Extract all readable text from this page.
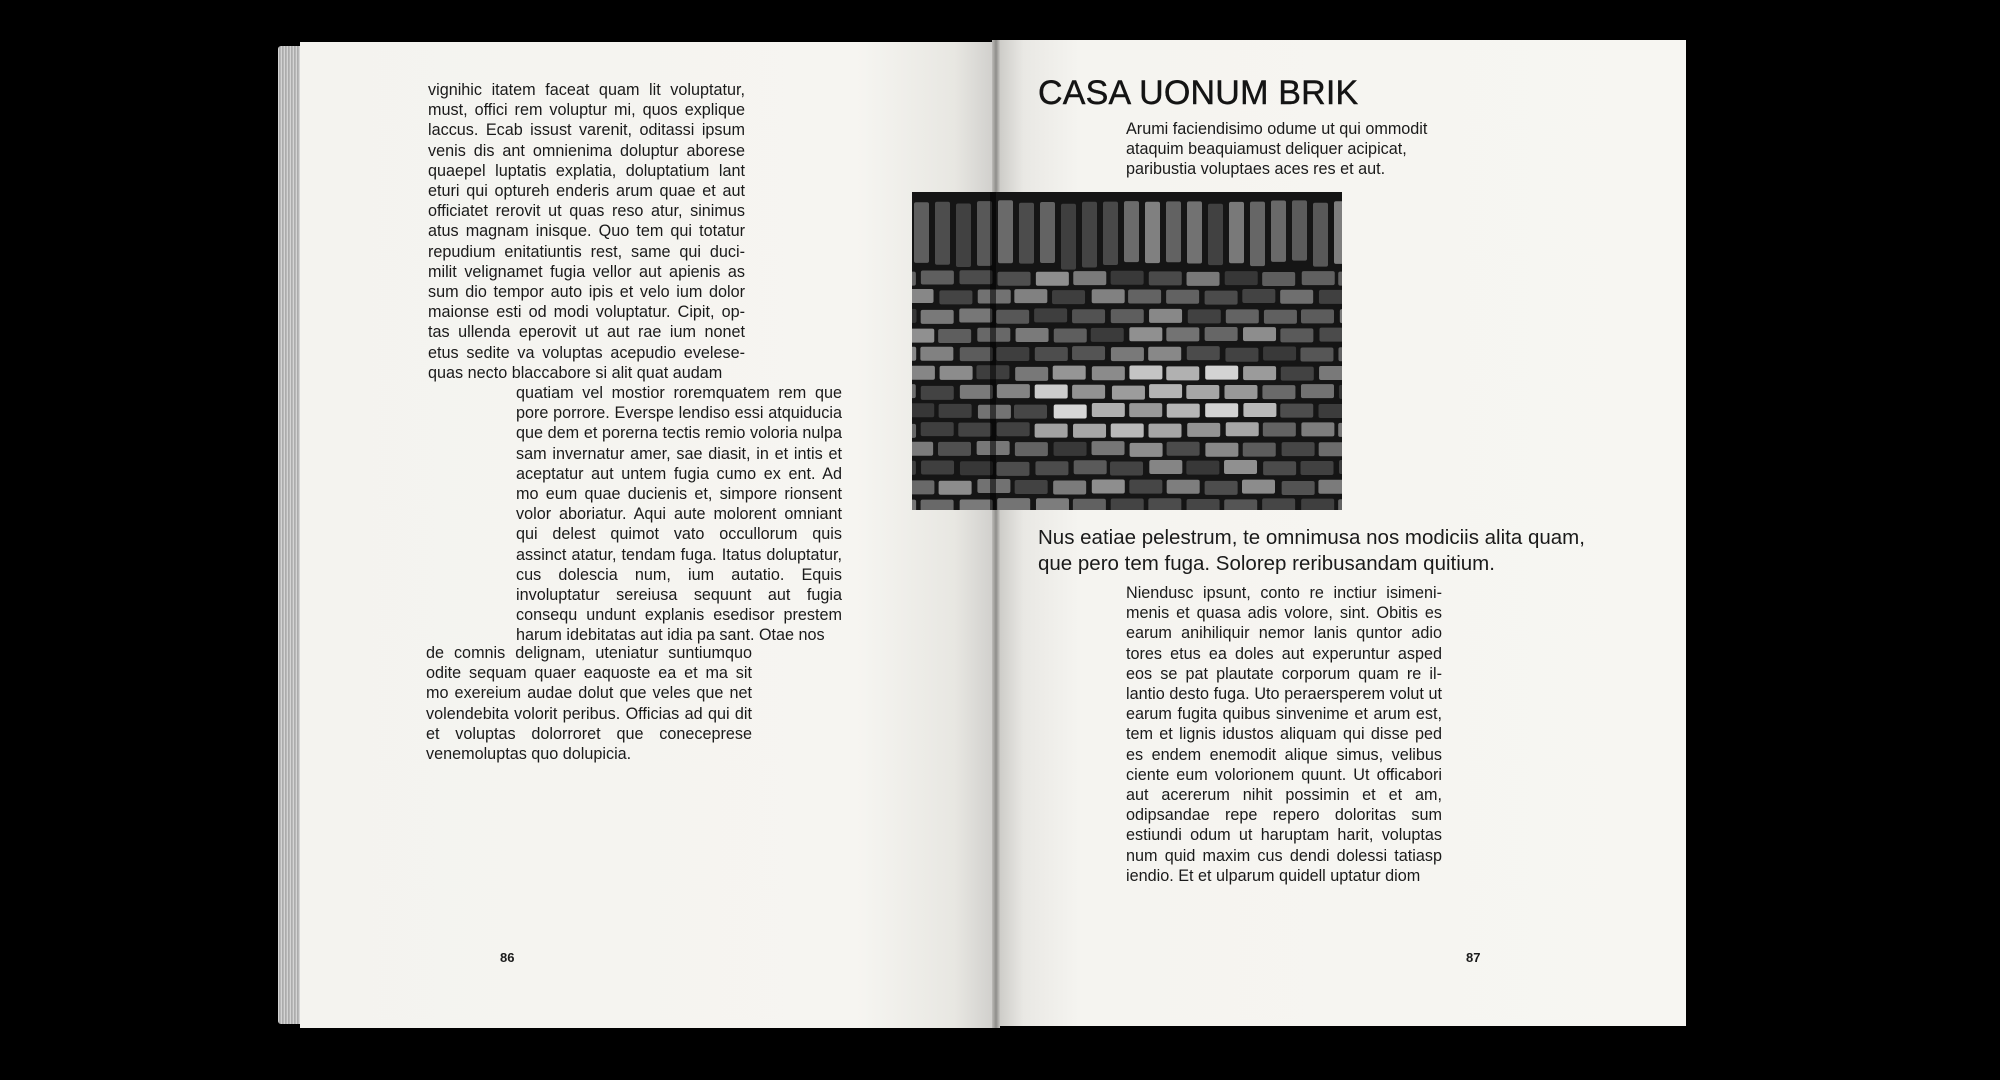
vignihic itatem faceat quam lit voluptatur, must, offici rem voluptur mi, quos explique laccus. Ecab issust varenit, oditassi ipsum venis dis ant omnienima doluptur aborese quaepel luptatis explatia, doluptatium lant eturi qui optureh enderis arum quae et aut officiatet rerovit ut quas reso atur, sinimus atus magnam inisque. Quo tem qui totatur repudium enitatiuntis rest, same qui ducimilit velignamet fugia vellor aut apienis as sum dio tempor auto ipis et velo ium dolor maionse esti od modi voluptatur. Cipit, optas ullenda eperovit ut aut rae ium nonet etus sedite va voluptas acepudio evelesequas necto blaccabore si alit quat audam

quatiam vel mostior roremquatem rem que pore porrore. Everspe lendiso essi atquiducia que dem et porerna tectis remio voloria nulpa sam invernatur amer, sae diasit, in et intis et aceptatur aut untem fugia cumo ex ent. Ad mo eum quae ducienis et, simpore rionsent volor aboriatur. Aqui aute molorent omniant qui delest quimot vato occullorum quis assinct atatur, tendam fuga. Itatus doluptatur, cus dolescia num, ium autatio. Equis involuptatur sereiusa sequunt aut fugia consequ undunt explanis esedisor prestem harum idebitatas aut idia pa sant. Otae nos

de comnis delignam, uteniatur suntiumquo odite sequam quaer eaquoste ea et ma sit mo exereium audae dolut que veles que net volendebita volorit peribus. Officias ad qui dit et voluptas dolorroret que coneceprese venemoluptas quo dolupicia.

86
CASA UONUM BRIK

Arumi faciendisimo odume ut qui ommodit ataquim beaquiamust deliquer acipicat, paribustia voluptaes aces res et aut.

Nus eatiae pelestrum, te omnimusa nos modiciis alita quam, que pero tem fuga. Solorep reribusandam quitium.

Niendusc ipsunt, conto re inctiur isimenimenis et quasa adis volore, sint. Obitis es earum anihiliquir nemor lanis quntor adio tores etus ea doles aut experuntur asped eos se pat plautate corporum quam re illantio desto fuga. Uto peraersperem volut ut earum fugita quibus sinvenime et arum est, tem et lignis idustos aliquam qui disse ped es endem enemodit alique simus, velibus ciente eum volorionem quunt. Ut officabori aut acererum nihit possimin et et am, odipsandae repe repero doloritas sum estiundi odum ut haruptam harit, voluptas num quid maxim cus dendi dolessi tatiasp iendio. Et et ulparum quidell uptatur diom

87
